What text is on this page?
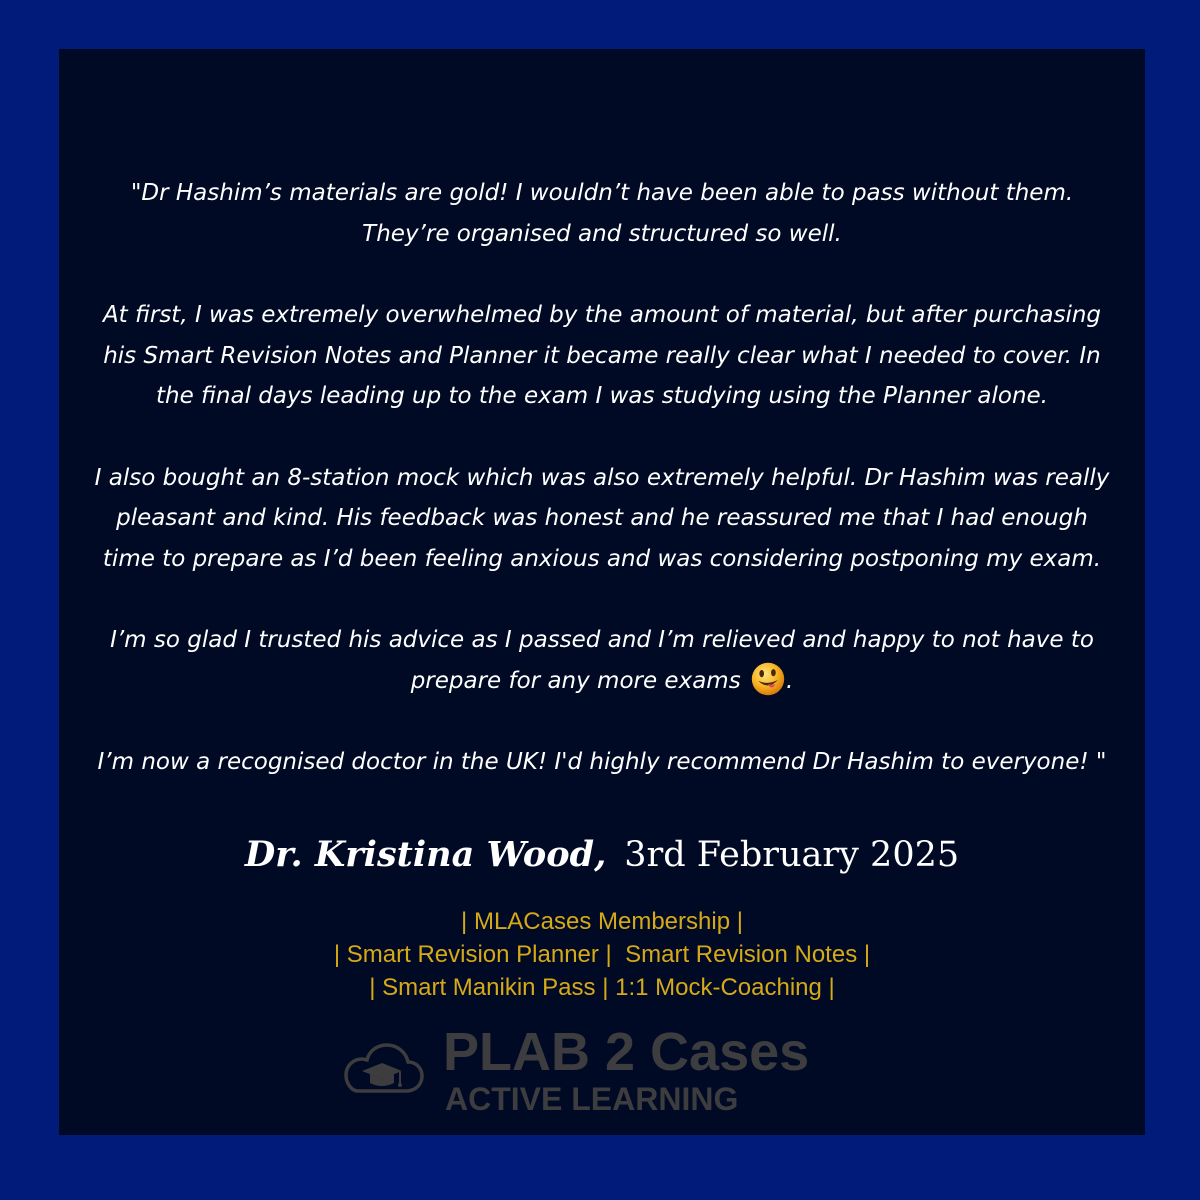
"Dr Hashim’s materials are gold! I wouldn’t have been able to pass without them. They’re organised and structured so well.

At first, I was extremely overwhelmed by the amount of material, but after purchasing his Smart Revision Notes and Planner it became really clear what I needed to cover. In the final days leading up to the exam I was studying using the Planner alone.

I also bought an 8-station mock which was also extremely helpful. Dr Hashim was really pleasant and kind. His feedback was honest and he reassured me that I had enough time to prepare as I’d been feeling anxious and was considering postponing my exam.

I’m so glad I trusted his advice as I passed and I’m relieved and happy to not have to prepare for any more exams .

I’m now a recognised doctor in the UK! I'd highly recommend Dr Hashim to everyone! "

Dr. Kristina Wood, 3rd February 2025
| MLACases Membership |
| Smart Revision Planner |  Smart Revision Notes |
| Smart Manikin Pass | 1:1 Mock-Coaching |
PLAB 2 Cases
ACTIVE LEARNING
